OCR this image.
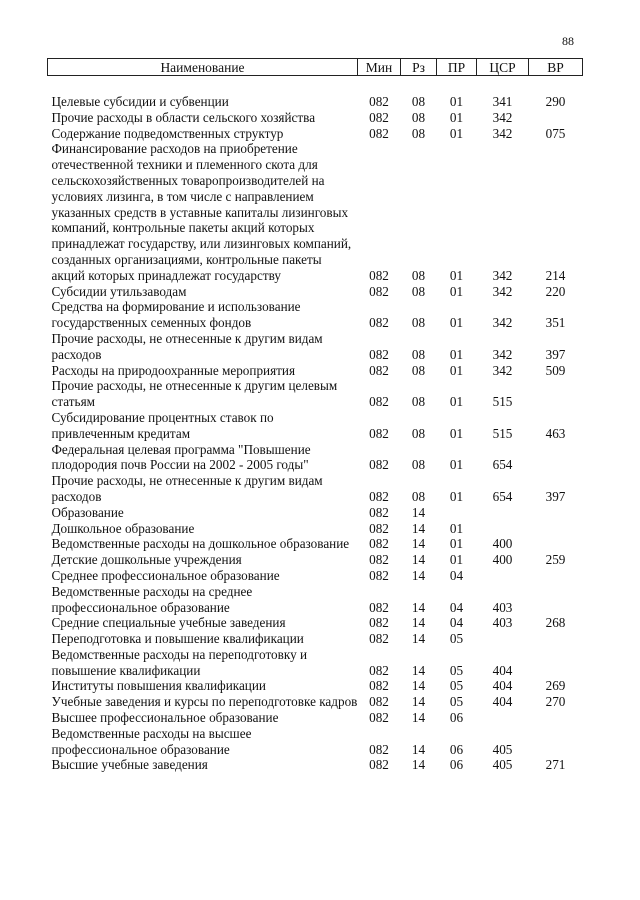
88
Наименование	Мин	Рз	ПР	ЦСР	ВР

Целевые субсидии и субвенции	082	08	01	341	290
Прочие расходы в области сельского хозяйства	082	08	01	342	
Содержание подведомственных структур	082	08	01	342	075
Финансирование расходов на приобретение отечественной техники и племенного скота для сельскохозяйственных товаропроизводителей на условиях лизинга, в том числе с направлением указанных средств в уставные капиталы лизинговых компаний, контрольные пакеты акций которых принадлежат государству, или лизинговых компаний, созданных организациями, контрольные пакеты акций которых принадлежат государству	082	08	01	342	214
Субсидии утильзаводам	082	08	01	342	220
Средства на формирование и использование государственных семенных фондов	082	08	01	342	351
Прочие расходы, не отнесенные к другим видам расходов	082	08	01	342	397
Расходы на природоохранные мероприятия	082	08	01	342	509
Прочие расходы, не отнесенные к другим целевым статьям	082	08	01	515	
Субсидирование процентных ставок по привлеченным кредитам	082	08	01	515	463
Федеральная целевая программа "Повышение плодородия почв России на 2002 - 2005 годы"	082	08	01	654	
Прочие расходы, не отнесенные к другим видам расходов	082	08	01	654	397
Образование	082	14			
Дошкольное образование	082	14	01		
Ведомственные расходы на дошкольное образование	082	14	01	400	
Детские дошкольные учреждения	082	14	01	400	259
Среднее профессиональное образование	082	14	04		
Ведомственные расходы на среднее профессиональное образование	082	14	04	403	
Средние специальные учебные заведения	082	14	04	403	268
Переподготовка и повышение квалификации	082	14	05		
Ведомственные расходы на переподготовку и повышение квалификации	082	14	05	404	
Институты повышения квалификации	082	14	05	404	269
Учебные заведения и курсы по переподготовке кадров	082	14	05	404	270
Высшее профессиональное образование	082	14	06		
Ведомственные расходы на высшее профессиональное образование	082	14	06	405	
Высшие учебные заведения	082	14	06	405	271
